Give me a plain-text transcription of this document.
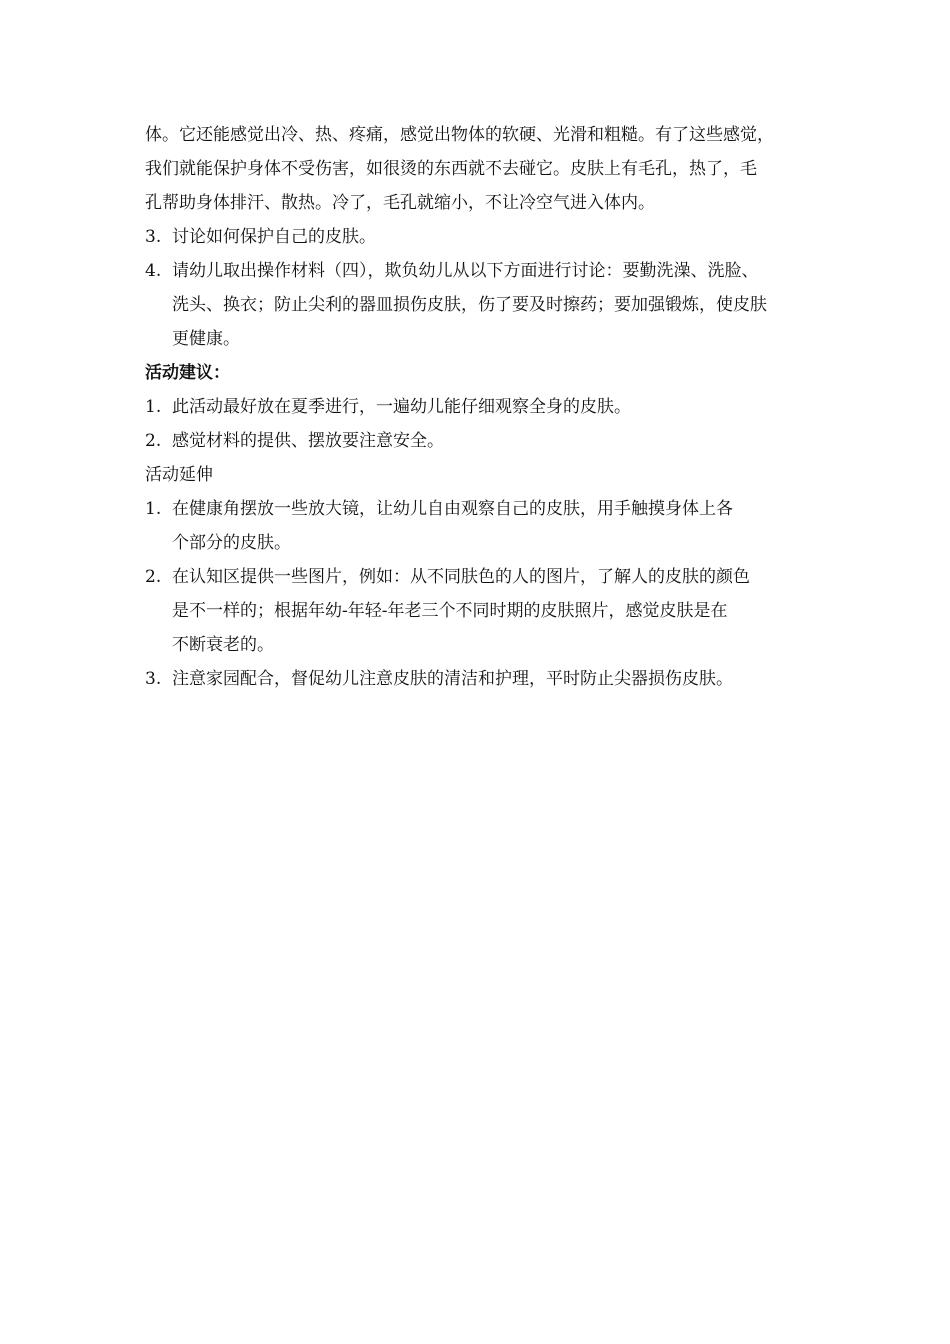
体。它还能感觉出冷、热、疼痛，感觉出物体的软硬、光滑和粗糙。有了这些感觉，
我们就能保护身体不受伤害，如很烫的东西就不去碰它。皮肤上有毛孔，热了，毛
孔帮助身体排汗、散热。冷了，毛孔就缩小，不让冷空气进入体内。
3. 讨论如何保护自己的皮肤。
4. 请幼儿取出操作材料（四），欺负幼儿从以下方面进行讨论：要勤洗澡、洗脸、
洗头、换衣；防止尖利的器皿损伤皮肤，伤了要及时擦药；要加强锻炼，使皮肤
更健康。
活动建议：
1. 此活动最好放在夏季进行，一遍幼儿能仔细观察全身的皮肤。
2. 感觉材料的提供、摆放要注意安全。
活动延伸
1. 在健康角摆放一些放大镜，让幼儿自由观察自己的皮肤，用手触摸身体上各
个部分的皮肤。
2. 在认知区提供一些图片，例如：从不同肤色的人的图片，了解人的皮肤的颜色
是不一样的；根据年幼-年轻-年老三个不同时期的皮肤照片，感觉皮肤是在
不断衰老的。
3. 注意家园配合，督促幼儿注意皮肤的清洁和护理，平时防止尖器损伤皮肤。
